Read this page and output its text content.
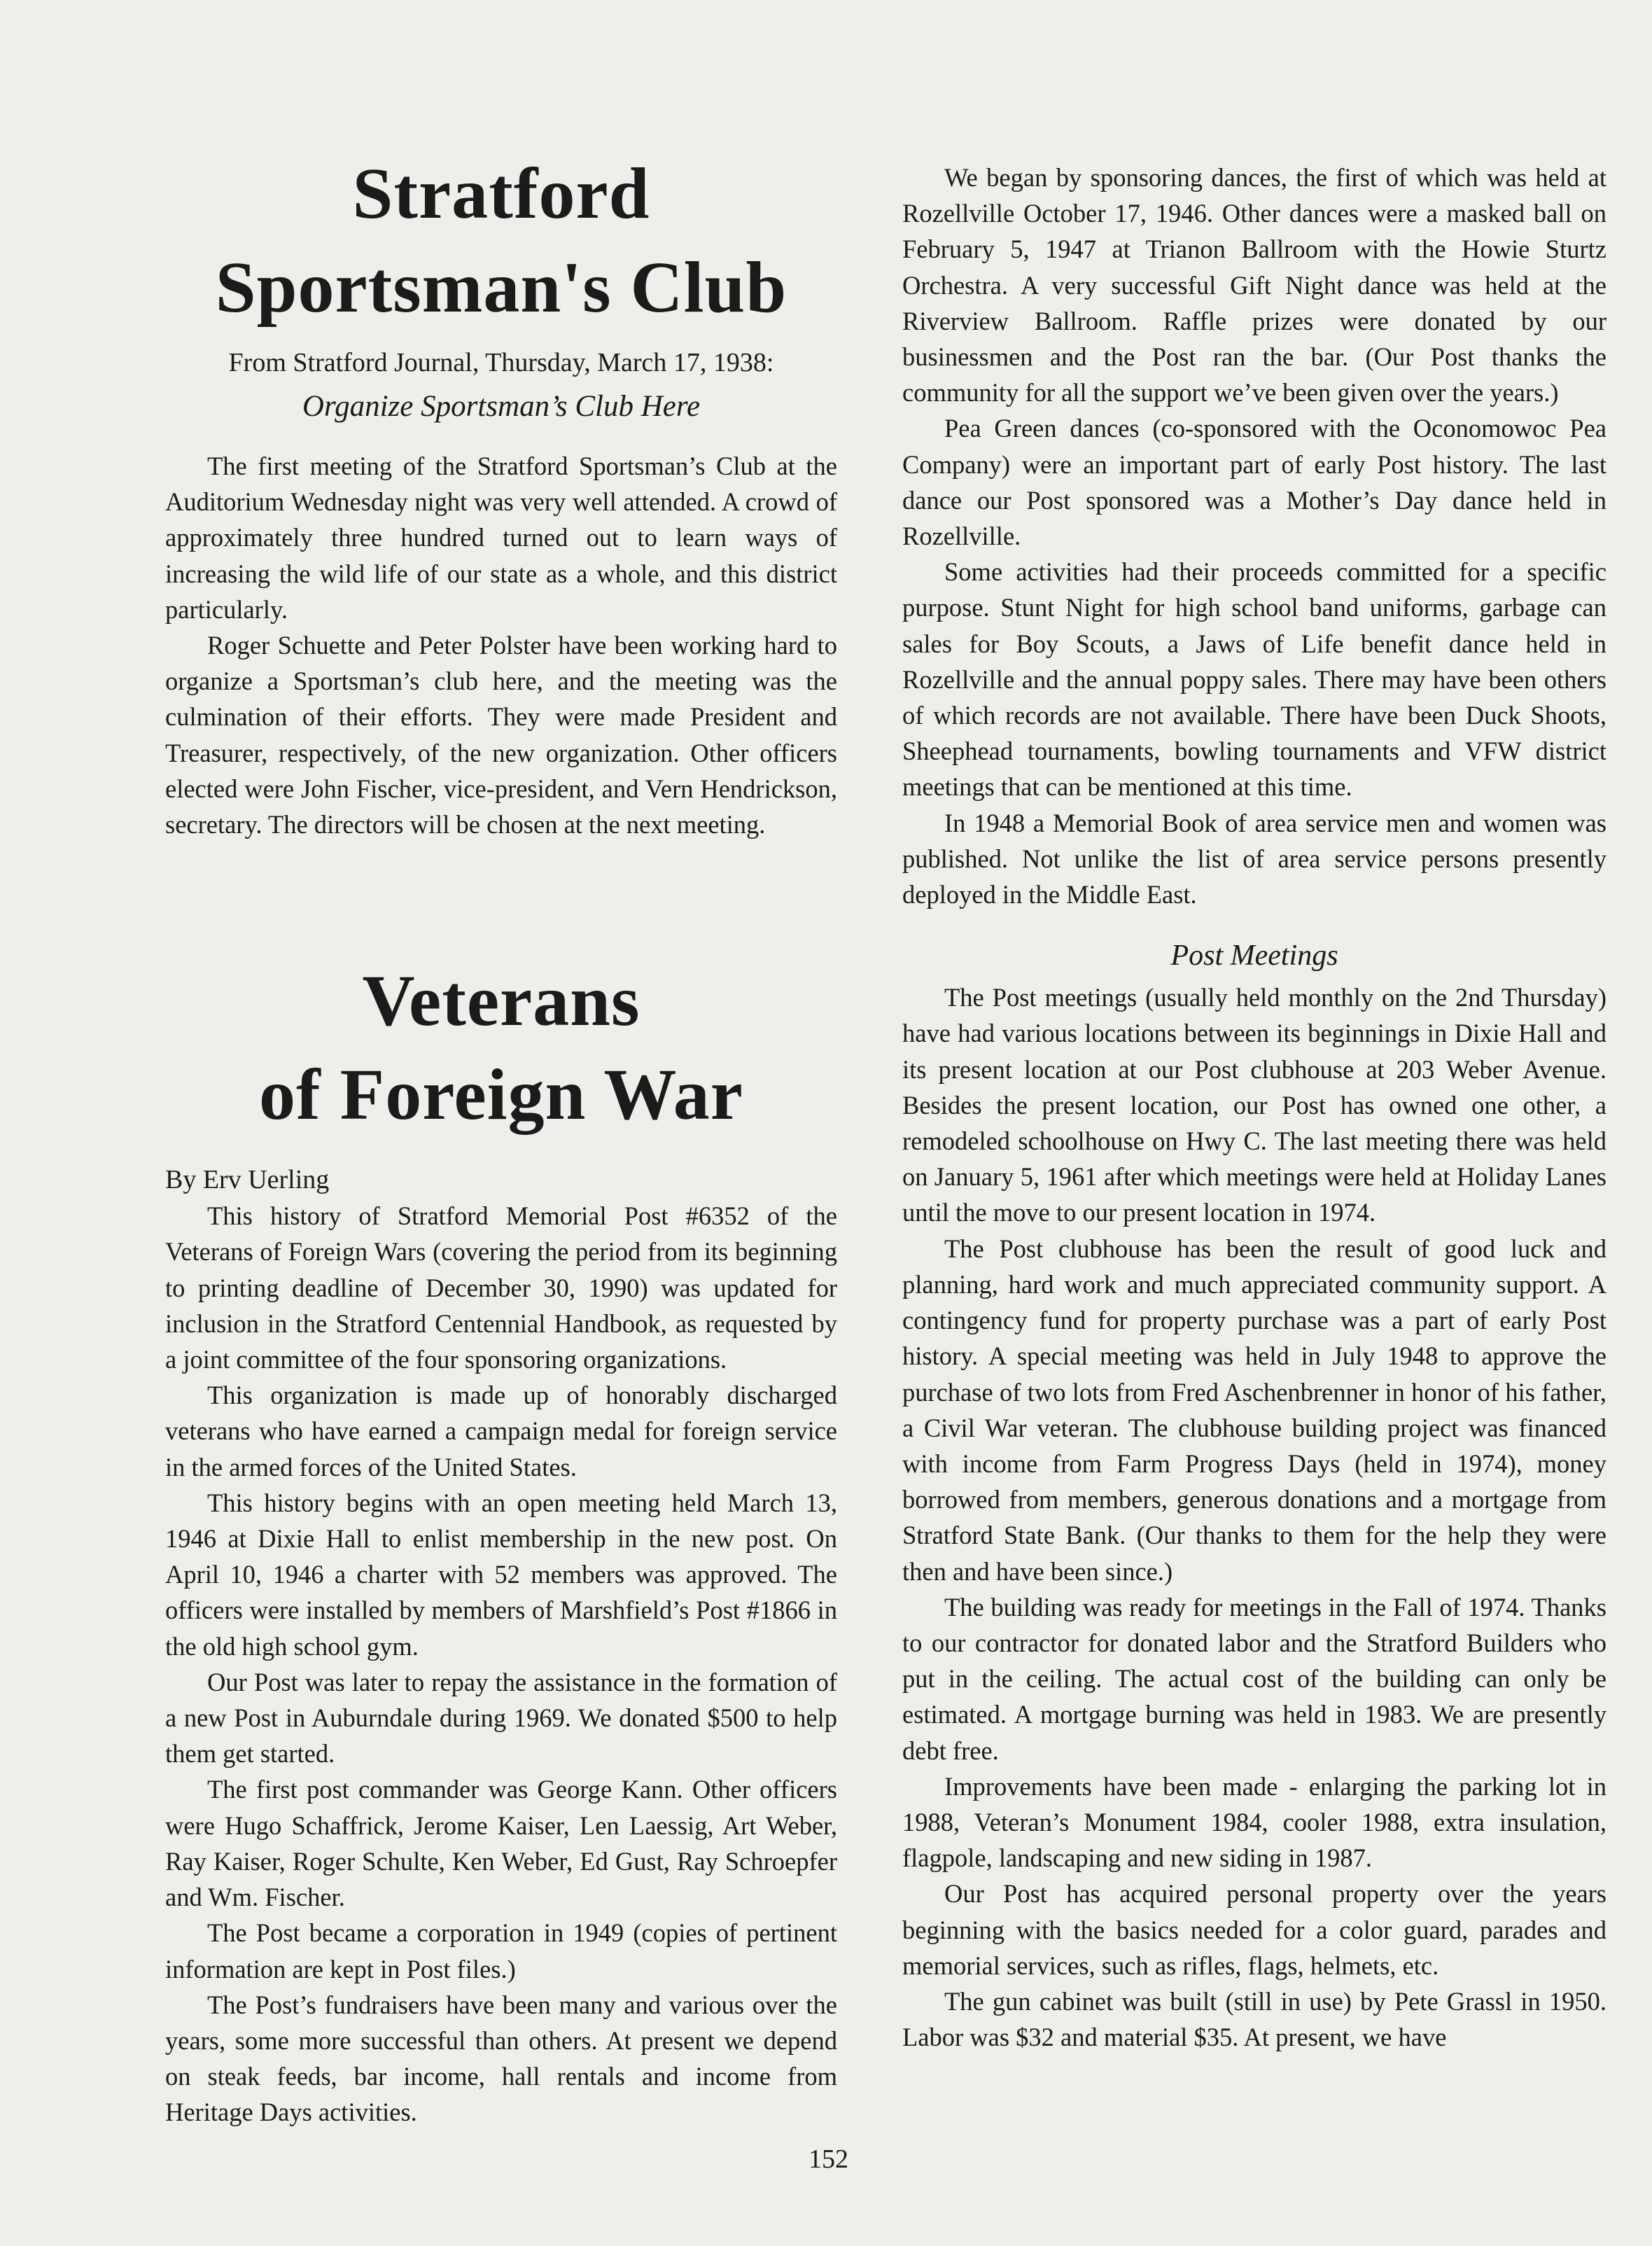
Stratford
Sportsman's Club
From Stratford Journal, Thursday, March 17, 1938:
Organize Sportsman’s Club Here

The first meeting of the Stratford Sportsman’s Club at the Auditorium Wednesday night was very well attended. A crowd of approximately three hundred turned out to learn ways of increasing the wild life of our state as a whole, and this district particularly.

Roger Schuette and Peter Polster have been working hard to organize a Sportsman’s club here, and the meeting was the culmination of their efforts. They were made President and Treasurer, respectively, of the new organization. Other officers elected were John Fischer, vice-president, and Vern Hendrickson, secretary. The directors will be chosen at the next meeting.

Veterans
of Foreign War
By Erv Uerling

This history of Stratford Memorial Post #6352 of the Veterans of Foreign Wars (covering the period from its beginning to printing deadline of December 30, 1990) was updated for inclusion in the Stratford Centennial Handbook, as requested by a joint committee of the four sponsoring organizations.

This organization is made up of honorably discharged veterans who have earned a campaign medal for foreign service in the armed forces of the United States.

This history begins with an open meeting held March 13, 1946 at Dixie Hall to enlist membership in the new post. On April 10, 1946 a charter with 52 members was approved. The officers were installed by members of Marshfield’s Post #1866 in the old high school gym.

Our Post was later to repay the assistance in the formation of a new Post in Auburndale during 1969. We donated $500 to help them get started.

The first post commander was George Kann. Other officers were Hugo Schaffrick, Jerome Kaiser, Len Laessig, Art Weber, Ray Kaiser, Roger Schulte, Ken Weber, Ed Gust, Ray Schroepfer and Wm. Fischer.

The Post became a corporation in 1949 (copies of pertinent information are kept in Post files.)

The Post’s fundraisers have been many and various over the years, some more successful than others. At present we depend on steak feeds, bar income, hall rentals and income from Heritage Days activities.

We began by sponsoring dances, the first of which was held at Rozellville October 17, 1946. Other dances were a masked ball on February 5, 1947 at Trianon Ballroom with the Howie Sturtz Orchestra. A very successful Gift Night dance was held at the Riverview Ballroom. Raffle prizes were donated by our businessmen and the Post ran the bar. (Our Post thanks the community for all the support we’ve been given over the years.)

Pea Green dances (co-sponsored with the Oconomowoc Pea Company) were an important part of early Post history. The last dance our Post sponsored was a Mother’s Day dance held in Rozellville.

Some activities had their proceeds committed for a specific purpose. Stunt Night for high school band uniforms, garbage can sales for Boy Scouts, a Jaws of Life benefit dance held in Rozellville and the annual poppy sales. There may have been others of which records are not available. There have been Duck Shoots, Sheephead tournaments, bowling tournaments and VFW district meetings that can be mentioned at this time.

In 1948 a Memorial Book of area service men and women was published. Not unlike the list of area service persons presently deployed in the Middle East.

Post Meetings

The Post meetings (usually held monthly on the 2nd Thursday) have had various locations between its beginnings in Dixie Hall and its present location at our Post clubhouse at 203 Weber Avenue. Besides the present location, our Post has owned one other, a remodeled schoolhouse on Hwy C. The last meeting there was held on January 5, 1961 after which meetings were held at Holiday Lanes until the move to our present location in 1974.

The Post clubhouse has been the result of good luck and planning, hard work and much appreciated community support. A contingency fund for property purchase was a part of early Post history. A special meeting was held in July 1948 to approve the purchase of two lots from Fred Aschenbrenner in honor of his father, a Civil War veteran. The clubhouse building project was financed with income from Farm Progress Days (held in 1974), money borrowed from members, generous donations and a mortgage from Stratford State Bank. (Our thanks to them for the help they were then and have been since.)

The building was ready for meetings in the Fall of 1974. Thanks to our contractor for donated labor and the Stratford Builders who put in the ceiling. The actual cost of the building can only be estimated. A mortgage burning was held in 1983. We are presently debt free.

Improvements have been made - enlarging the parking lot in 1988, Veteran’s Monument 1984, cooler 1988, extra insulation, flagpole, landscaping and new siding in 1987.

Our Post has acquired personal property over the years beginning with the basics needed for a color guard, parades and memorial services, such as rifles, flags, helmets, etc.

The gun cabinet was built (still in use) by Pete Grassl in 1950. Labor was $32 and material $35. At present, we have

152
